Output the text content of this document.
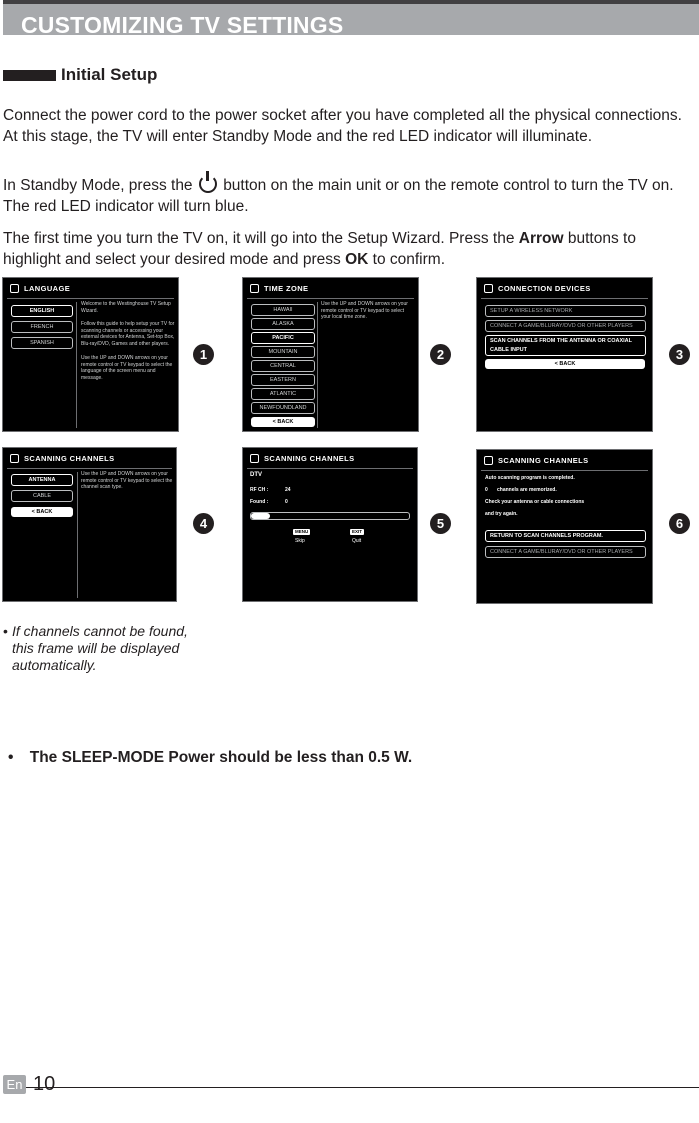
CUSTOMIZING TV SETTINGS
Initial Setup
Connect the power cord to the power socket after you have completed all the physical connections. At this stage, the TV will enter Standby Mode and the red LED indicator will illuminate.
In Standby Mode, press the button on the main unit or on the remote control to turn the TV on. The red LED indicator will turn blue.
The first time you turn the TV on, it will go into the Setup Wizard. Press the Arrow buttons to highlight and select your desired mode and press OK to confirm.
LANGUAGE
ENGLISH
FRENCH
SPANISH
Welcome to the Westinghouse TV Setup Wizard.
Follow this guide to help setup your TV for scanning channels or accessing your external devices for Antenna, Set-top Box, Blu-ray/DVD, Games and other players.
Use the UP and DOWN arrows on your remote control or TV keypad to select the language of the screen menu and message.
1
TIME ZONE
HAWAII
ALASKA
PACIFIC
MOUNTAIN
CENTRAL
EASTERN
ATLANTIC
NEWFOUNDLAND
< BACK
Use the UP and DOWN arrows on your remote control or TV keypad to select your local time zone.
2
CONNECTION DEVICES
SETUP A WIRELESS NETWORK
CONNECT A GAME/BLURAY/DVD OR OTHER PLAYERS
SCAN CHANNELS FROM THE ANTENNA OR COAXIAL CABLE INPUT
< BACK
3
SCANNING CHANNELS
ANTENNA
CABLE
< BACK
Use the UP and DOWN arrows on your remote control or TV keypad to select the channel scan type.
4
SCANNING CHANNELS
DTV
RF CH :	24
Found :	0
MENU
Skip
EXIT
Quit
5
SCANNING CHANNELS
Auto scanning program is completed.
0 channels are memorized.
Check your antenna or cable connections
and try again.
RETURN TO SCAN CHANNELS PROGRAM.
CONNECT A GAME/BLURAY/DVD OR OTHER PLAYERS
6
• If channels cannot be found, this frame will be displayed automatically.
• The SLEEP-MODE Power should be less than 0.5 W.
En 10
